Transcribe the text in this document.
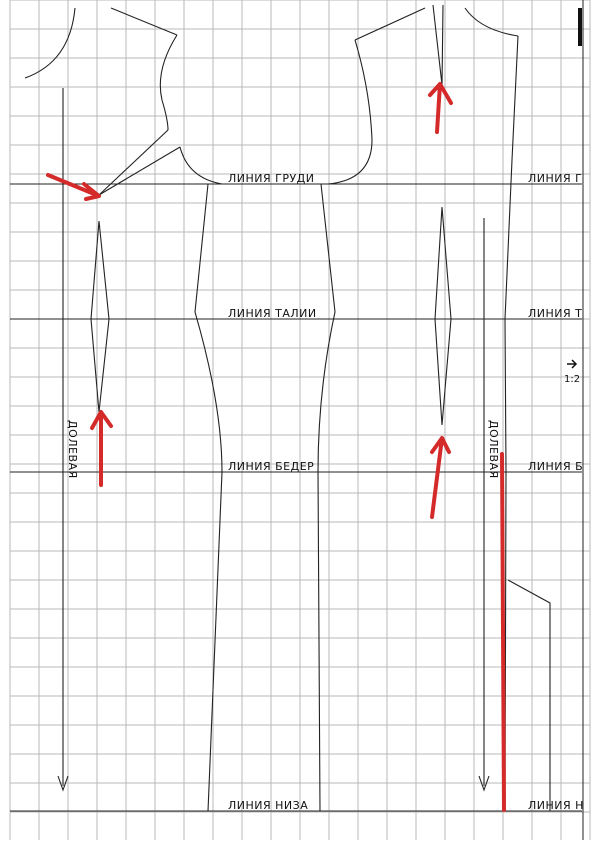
1:2
ЛИНИЯ ГРУДИ	ЛИНИЯ Г
ЛИНИЯ ТАЛИИ	ЛИНИЯ Т
ЛИНИЯ БЕДЕР	ЛИНИЯ Б
ЛИНИЯ НИЗА	ЛИНИЯ Н
ДОЛЕВАЯ	ДОЛЕВАЯ
